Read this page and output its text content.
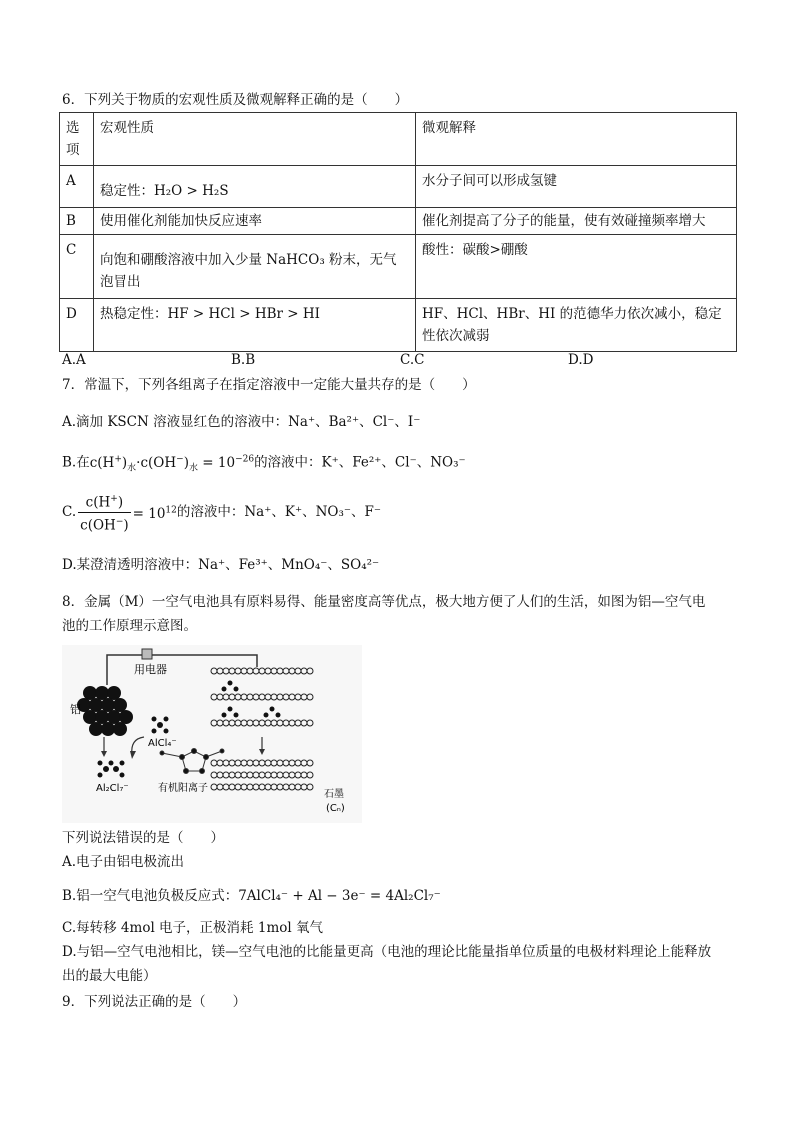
6．下列关于物质的宏观性质及微观解释正确的是（　　）
选项	宏观性质	微观解释
A	稳定性：H₂O > H₂S	水分子间可以形成氢键
B	使用催化剂能加快反应速率	催化剂提高了分子的能量，使有效碰撞频率增大
C	向饱和硼酸溶液中加入少量 NaHCO₃ 粉末，无气泡冒出	酸性：碳酸>硼酸
D	热稳定性：HF > HCl > HBr > HI	HF、HCl、HBr、HI 的范德华力依次减小，稳定性依次减弱
A.A	B.B	C.C	D.D
7．常温下，下列各组离子在指定溶液中一定能大量共存的是（　　）
A.滴加 KSCN 溶液显红色的溶液中：Na⁺、Ba²⁺、Cl⁻、I⁻
B.在$c(H^+)_水\cdot c(OH^-)_水 = 10^{-26}$的溶液中：K⁺、Fe²⁺、Cl⁻、NO₃⁻
C. $\frac{c(H^+)}{c(OH^-)} = 10^{12}$的溶液中：Na⁺、K⁺、NO₃⁻、F⁻
D.某澄清透明溶液中：Na⁺、Fe³⁺、MnO₄⁻、SO₄²⁻
8．金属（M）一空气电池具有原料易得、能量密度高等优点，极大地方便了人们的生活，如图为铝—空气电
池的工作原理示意图。
用电器
铝
AlCl₄⁻
Al₂Cl₇⁻	有机阳离子
石墨
(Cₙ)
下列说法错误的是（　　）
A.电子由铝电极流出
B.铝一空气电池负极反应式：7AlCl₄⁻ + Al − 3e⁻ = 4Al₂Cl₇⁻
C.每转移 4mol 电子，正极消耗 1mol 氧气
D.与铝—空气电池相比，镁—空气电池的比能量更高（电池的理论比能量指单位质量的电极材料理论上能释放
出的最大电能）
9．下列说法正确的是（　　）
